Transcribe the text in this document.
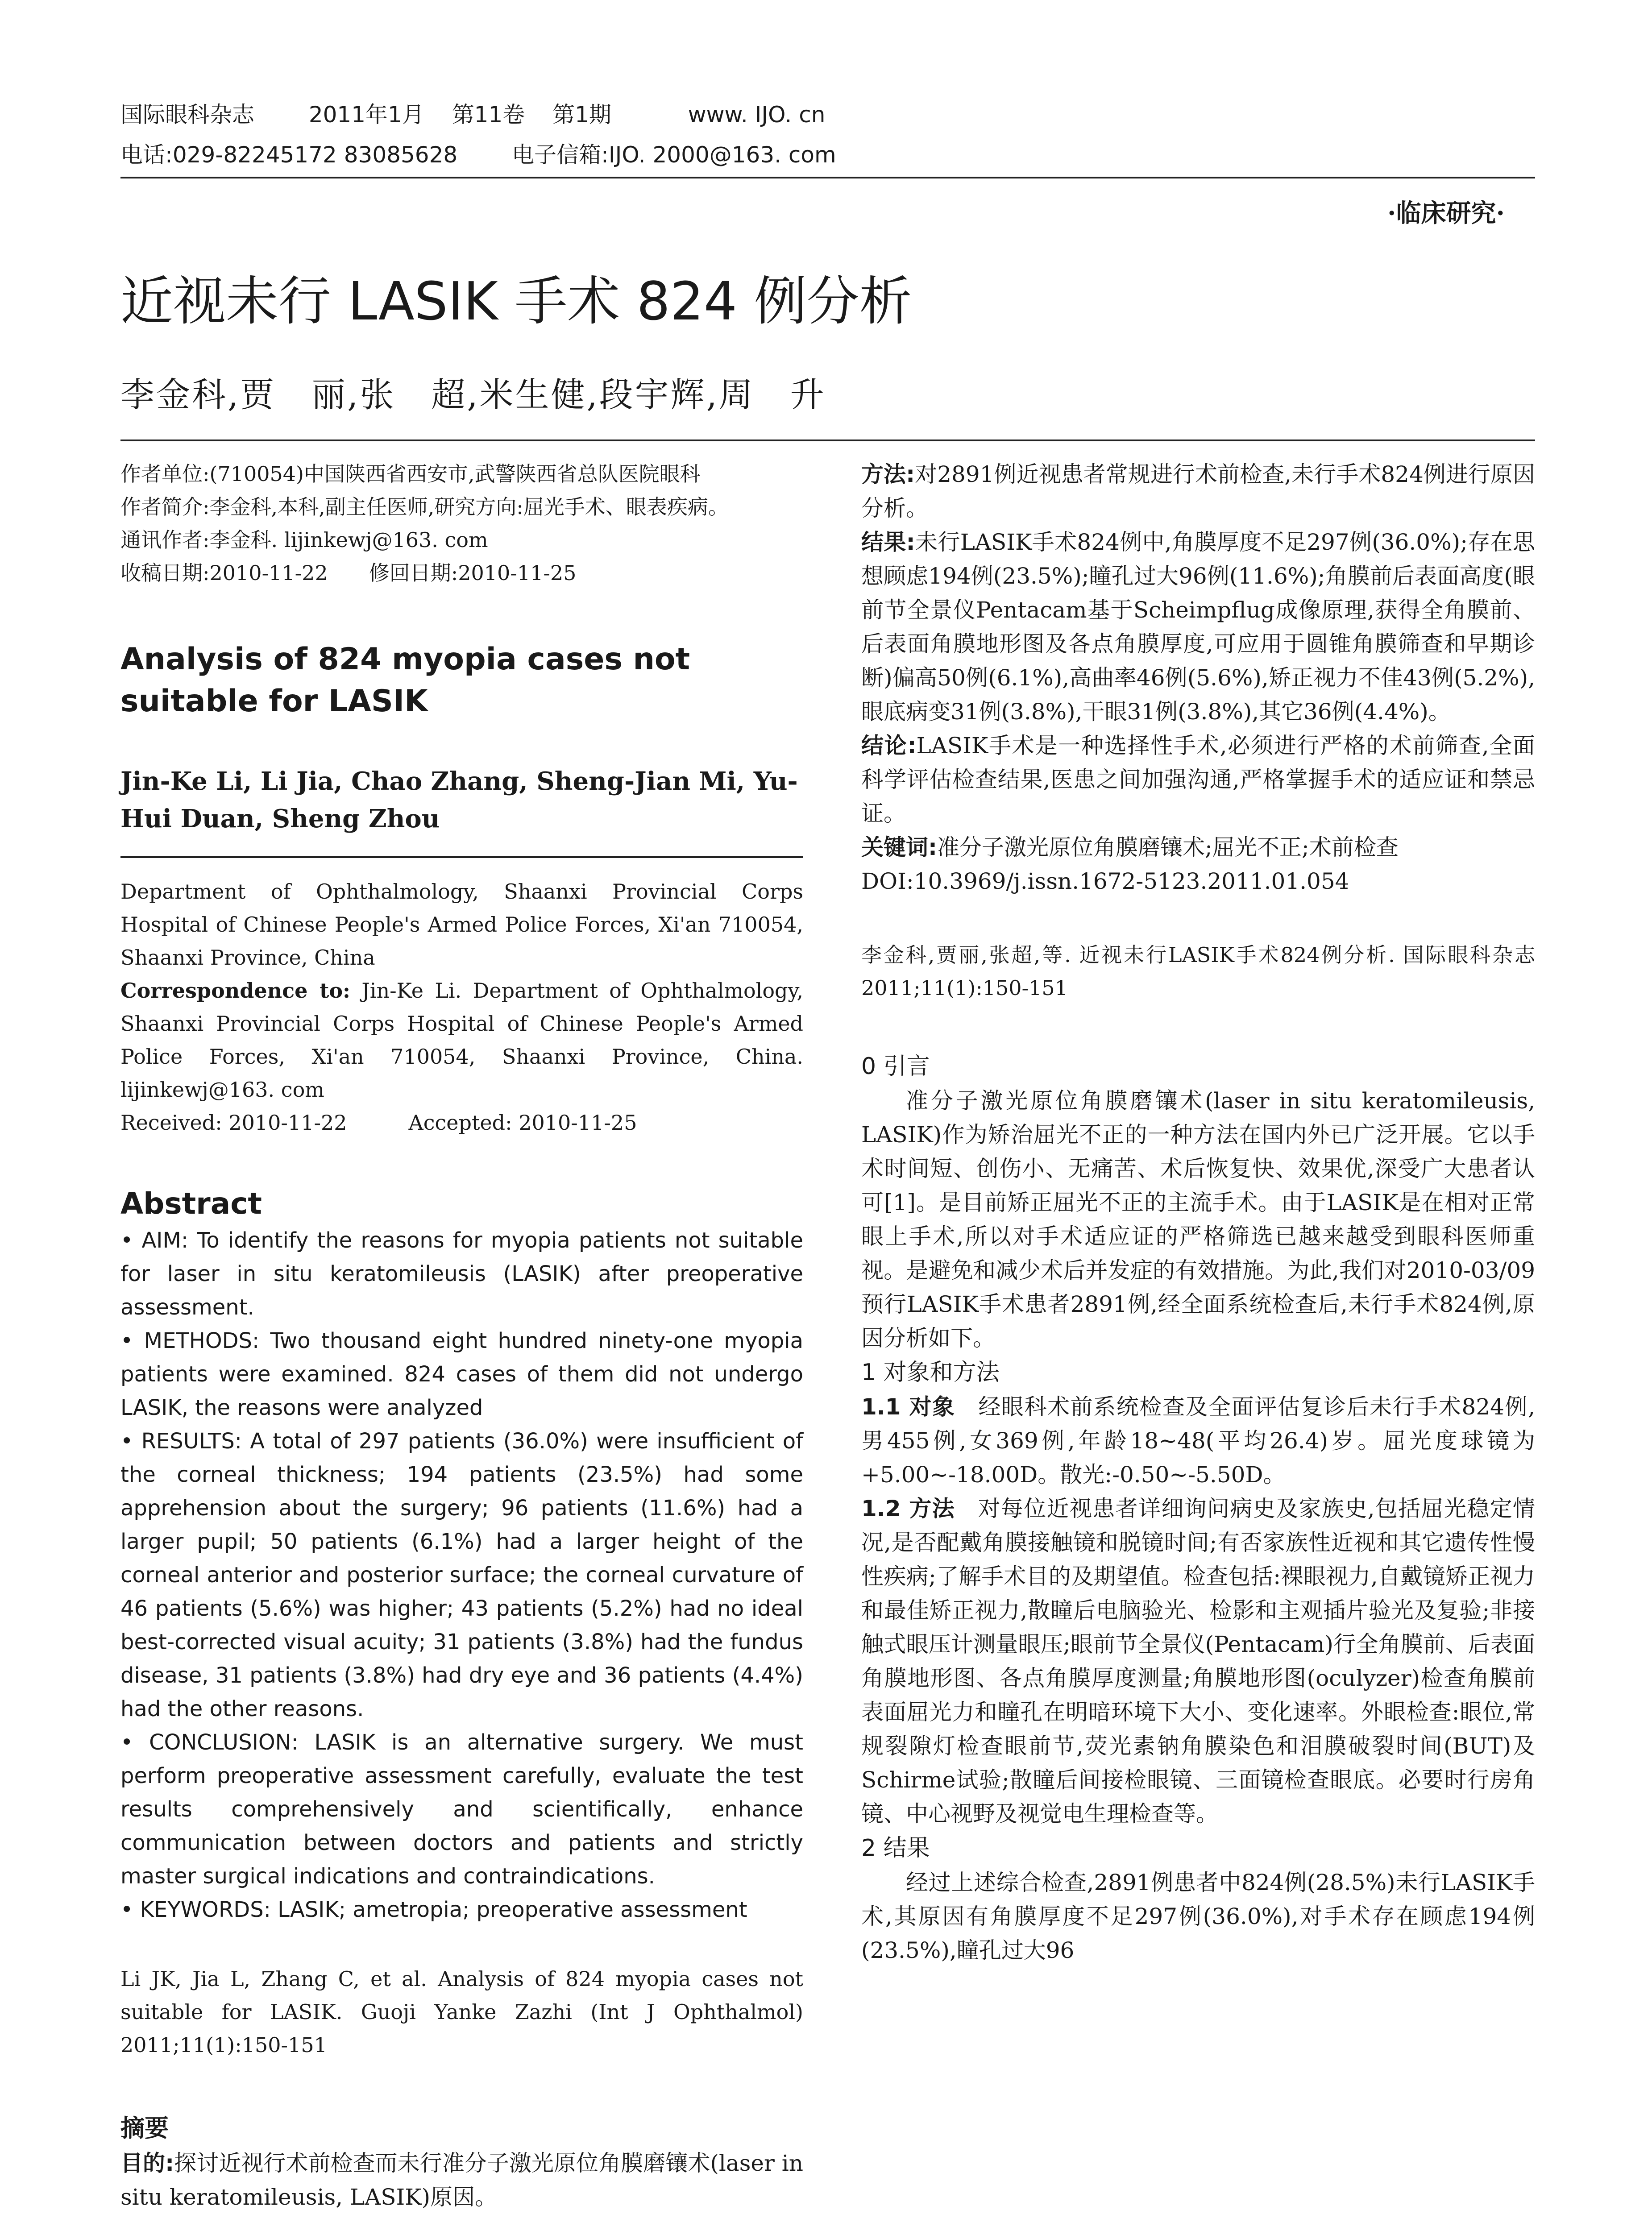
国际眼科杂志 2011年1月 第11卷 第1期	www. IJO. cn
电话:029-82245172 83085628 电子信箱:IJO. 2000@163. com
·临床研究·
近视未行 LASIK 手术 824 例分析
李金科,贾　丽,张　超,米生健,段宇辉,周　升

作者单位:(710054)中国陕西省西安市,武警陕西省总队医院眼科

作者简介:李金科,本科,副主任医师,研究方向:屈光手术、眼表疾病。

通讯作者:李金科. lijinkewj@163. com

收稿日期:2010-11-22　　修回日期:2010-11-25

Analysis of 824 myopia cases not suitable for LASIK
Jin-Ke Li, Li Jia, Chao Zhang, Sheng-Jian Mi, Yu-Hui Duan, Sheng Zhou

Department of Ophthalmology, Shaanxi Provincial Corps Hospital of Chinese People's Armed Police Forces, Xi'an 710054, Shaanxi Province, China

Correspondence to: Jin-Ke Li. Department of Ophthalmology, Shaanxi Provincial Corps Hospital of Chinese People's Armed Police Forces, Xi'an 710054, Shaanxi Province, China. lijinkewj@163. com

Received: 2010-11-22　　　Accepted: 2010-11-25

Abstract

• AIM: To identify the reasons for myopia patients not suitable for laser in situ keratomileusis (LASIK) after preoperative assessment.

• METHODS: Two thousand eight hundred ninety-one myopia patients were examined. 824 cases of them did not undergo LASIK, the reasons were analyzed

• RESULTS: A total of 297 patients (36.0%) were insufficient of the corneal thickness; 194 patients (23.5%) had some apprehension about the surgery; 96 patients (11.6%) had a larger pupil; 50 patients (6.1%) had a larger height of the corneal anterior and posterior surface; the corneal curvature of 46 patients (5.6%) was higher; 43 patients (5.2%) had no ideal best-corrected visual acuity; 31 patients (3.8%) had the fundus disease, 31 patients (3.8%) had dry eye and 36 patients (4.4%) had the other reasons.

• CONCLUSION: LASIK is an alternative surgery. We must perform preoperative assessment carefully, evaluate the test results comprehensively and scientifically, enhance communication between doctors and patients and strictly master surgical indications and contraindications.

• KEYWORDS: LASIK; ametropia; preoperative assessment

Li JK, Jia L, Zhang C, et al. Analysis of 824 myopia cases not suitable for LASIK. Guoji Yanke Zazhi (Int J Ophthalmol) 2011;11(1):150-151

摘要

目的:探讨近视行术前检查而未行准分子激光原位角膜磨镶术(laser in situ keratomileusis, LASIK)原因。

方法:对2891例近视患者常规进行术前检查,未行手术824例进行原因分析。

结果:未行LASIK手术824例中,角膜厚度不足297例(36.0%);存在思想顾虑194例(23.5%);瞳孔过大96例(11.6%);角膜前后表面高度(眼前节全景仪Pentacam基于Scheimpflug成像原理,获得全角膜前、后表面角膜地形图及各点角膜厚度,可应用于圆锥角膜筛查和早期诊断)偏高50例(6.1%),高曲率46例(5.6%),矫正视力不佳43例(5.2%),眼底病变31例(3.8%),干眼31例(3.8%),其它36例(4.4%)。

结论:LASIK手术是一种选择性手术,必须进行严格的术前筛查,全面科学评估检查结果,医患之间加强沟通,严格掌握手术的适应证和禁忌证。

关键词:准分子激光原位角膜磨镶术;屈光不正;术前检查

DOI:10.3969/j.issn.1672-5123.2011.01.054

李金科,贾丽,张超,等. 近视未行LASIK手术824例分析. 国际眼科杂志 2011;11(1):150-151

0 引言

准分子激光原位角膜磨镶术(laser in situ keratomileusis, LASIK)作为矫治屈光不正的一种方法在国内外已广泛开展。它以手术时间短、创伤小、无痛苦、术后恢复快、效果优,深受广大患者认可[1]。是目前矫正屈光不正的主流手术。由于LASIK是在相对正常眼上手术,所以对手术适应证的严格筛选已越来越受到眼科医师重视。是避免和减少术后并发症的有效措施。为此,我们对2010-03/09预行LASIK手术患者2891例,经全面系统检查后,未行手术824例,原因分析如下。

1 对象和方法

1.1 对象　经眼科术前系统检查及全面评估复诊后未行手术824例,男455例,女369例,年龄18~48(平均26.4)岁。屈光度球镜为+5.00~-18.00D。散光:-0.50~-5.50D。

1.2 方法　对每位近视患者详细询问病史及家族史,包括屈光稳定情况,是否配戴角膜接触镜和脱镜时间;有否家族性近视和其它遗传性慢性疾病;了解手术目的及期望值。检查包括:裸眼视力,自戴镜矫正视力和最佳矫正视力,散瞳后电脑验光、检影和主观插片验光及复验;非接触式眼压计测量眼压;眼前节全景仪(Pentacam)行全角膜前、后表面角膜地形图、各点角膜厚度测量;角膜地形图(oculyzer)检查角膜前表面屈光力和瞳孔在明暗环境下大小、变化速率。外眼检查:眼位,常规裂隙灯检查眼前节,荧光素钠角膜染色和泪膜破裂时间(BUT)及Schirme试验;散瞳后间接检眼镜、三面镜检查眼底。必要时行房角镜、中心视野及视觉电生理检查等。

2 结果

经过上述综合检查,2891例患者中824例(28.5%)未行LASIK手术,其原因有角膜厚度不足297例(36.0%),对手术存在顾虑194例(23.5%),瞳孔过大96
